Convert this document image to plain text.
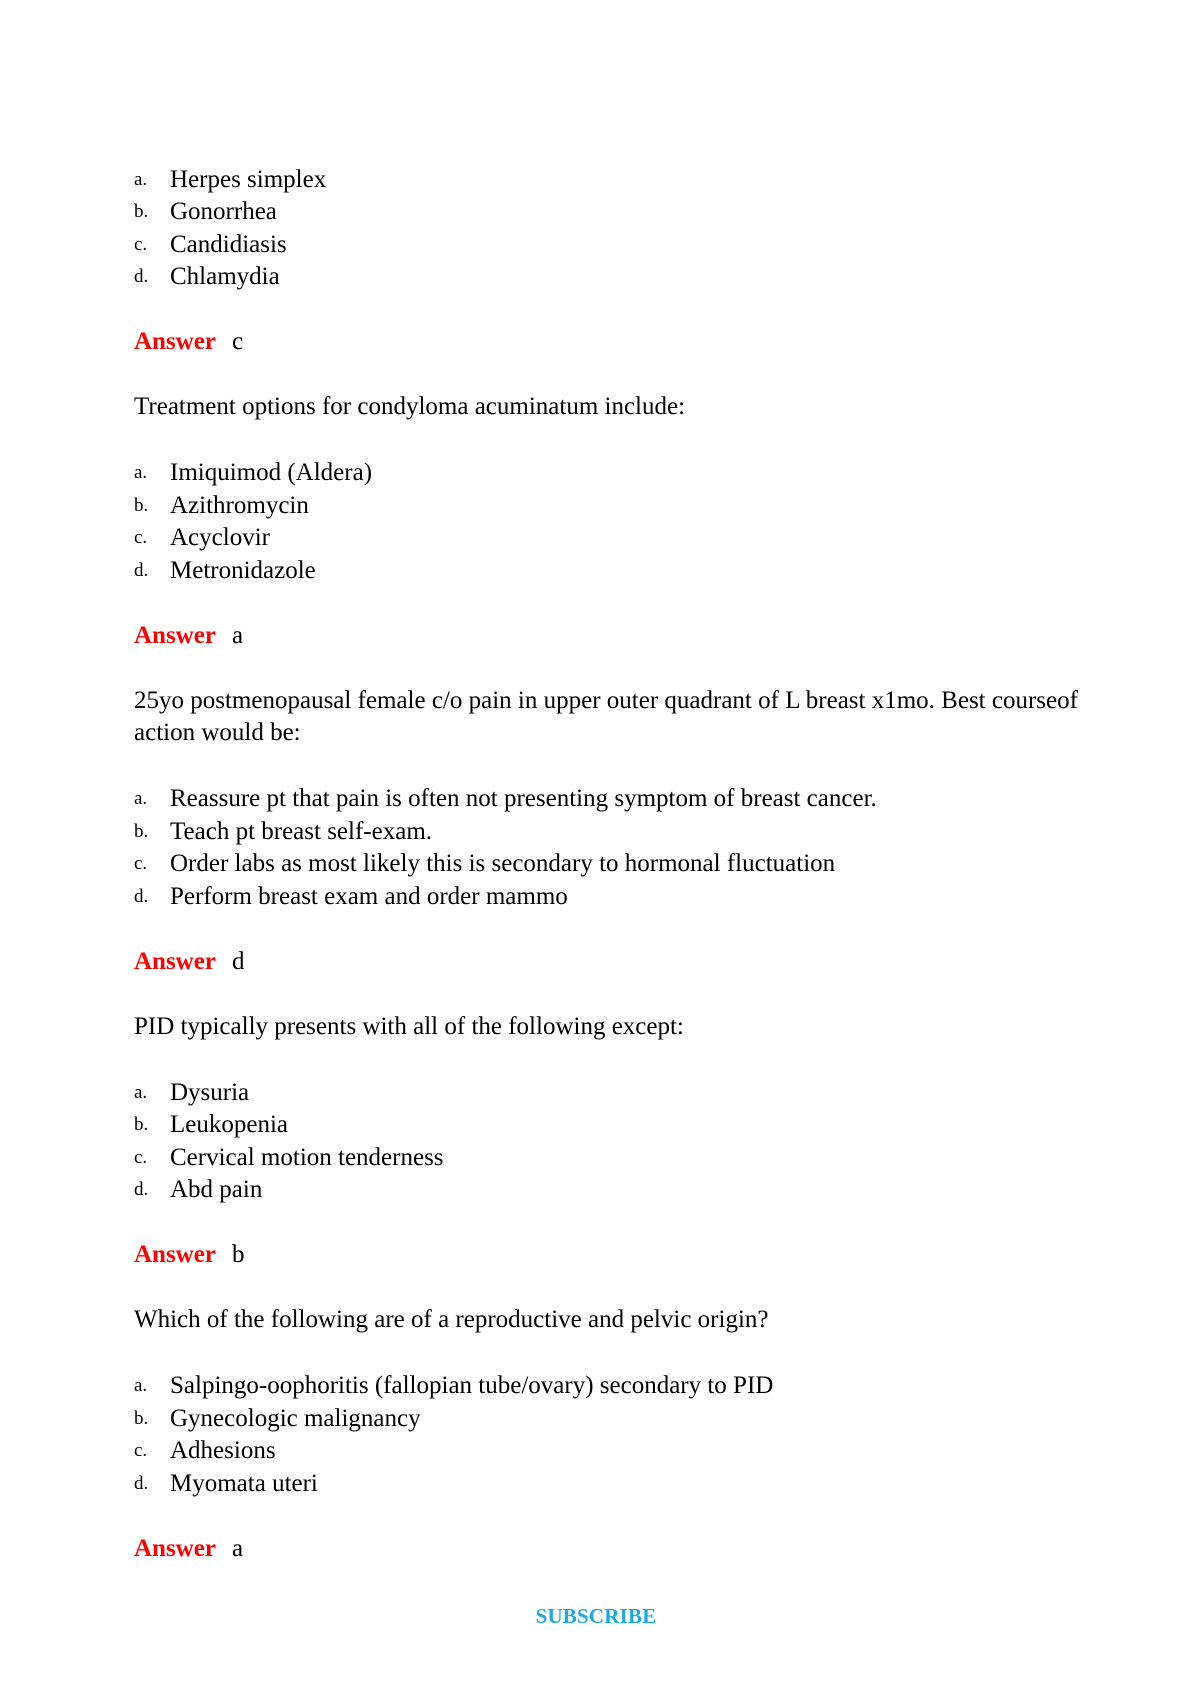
a. Herpes simplex
b. Gonorrhea
c. Candidiasis
d. Chlamydia
Answer c

Treatment options for condyloma acuminatum include:

a. Imiquimod (Aldera)
b. Azithromycin
c. Acyclovir
d. Metronidazole
Answer a

25yo postmenopausal female c/o pain in upper outer quadrant of L breast x1mo. Best courseof action would be:

a. Reassure pt that pain is often not presenting symptom of breast cancer.
b. Teach pt breast self-exam.
c. Order labs as most likely this is secondary to hormonal fluctuation
d. Perform breast exam and order mammo
Answer d

PID typically presents with all of the following except:

a. Dysuria
b. Leukopenia
c. Cervical motion tenderness
d. Abd pain
Answer b

Which of the following are of a reproductive and pelvic origin?

a. Salpingo-oophoritis (fallopian tube/ovary) secondary to PID
b. Gynecologic malignancy
c. Adhesions
d. Myomata uteri
Answer a
SUBSCRIBE
